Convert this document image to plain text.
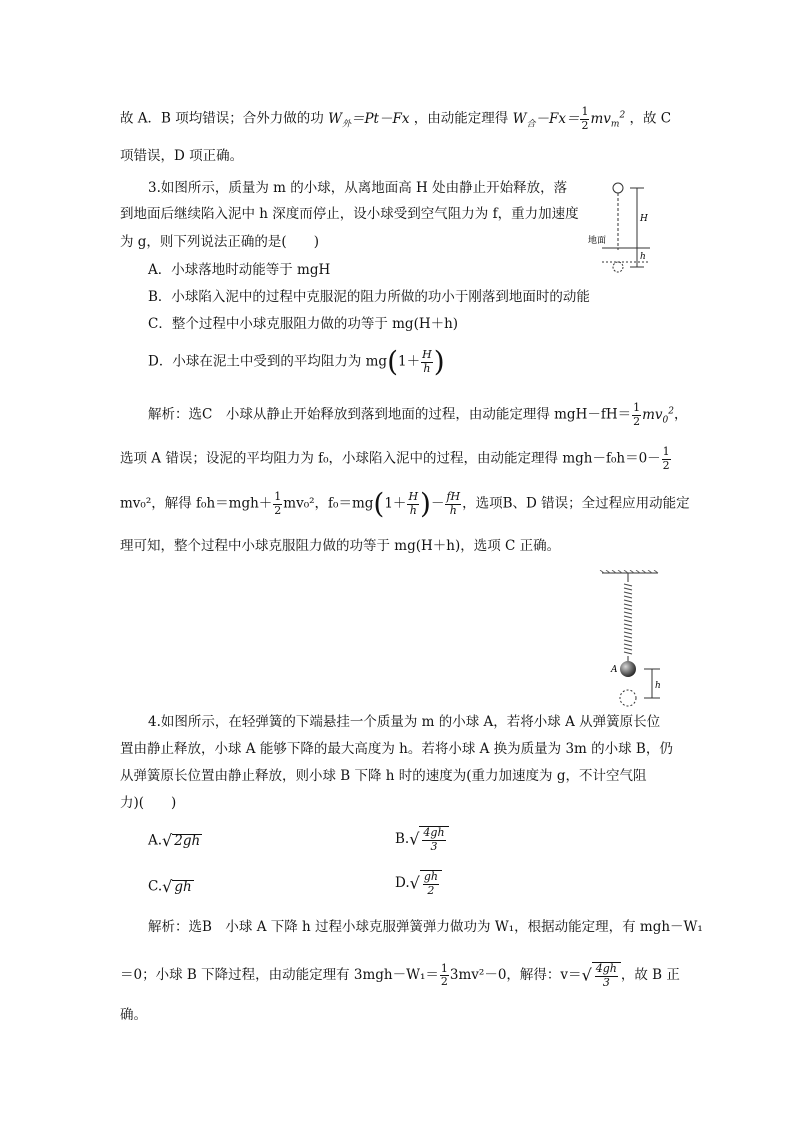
故 A．B 项均错误；合外力做的功 $W_外=Pt-Fx$ ，由动能定理得 $W_合-Fx= \frac{1}{2} mv_m^2$ ，故 C
项错误，D 项正确。
H
h
地面
3.如图所示，质量为 m 的小球，从离地面高 H 处由静止开始释放，落
到地面后继续陷入泥中 h 深度而停止，设小球受到空气阻力为 f，重力加速度
为 g，则下列说法正确的是(　　)
A．小球落地时动能等于 mgH
B．小球陷入泥中的过程中克服泥的阻力所做的功小于刚落到地面时的动能
C．整个过程中小球克服阻力做的功等于 mg(H＋h)
D．小球在泥土中受到的平均阻力为 $mg(1+ \frac{H}{h}$ )
解析：选C　小球从静止开始释放到落到地面的过程，由动能定理得 $mgH-fH= \frac{1}{2} mv_0^2$，
选项 A 错误；设泥的平均阻力为 f₀，小球陷入泥中的过程，由动能定理得 $mgh-f_0h=0- \frac{1}{2}$
mv₀²，解得 $f_0h=mgh+ \frac{1}{2} mv_0^2$，$f_0=mg(1+ \frac{H}{h}$ )－ $\frac{fH}{h}$ ，选项B、D 错误；全过程应用动能定
理可知，整个过程中小球克服阻力做的功等于 mg(H＋h)，选项 C 正确。
A
h
4.如图所示，在轻弹簧的下端悬挂一个质量为 m 的小球 A，若将小球 A 从弹簧原长位
置由静止释放，小球 A 能够下降的最大高度为 h。若将小球 A 换为质量为 3m 的小球 B，仍
从弹簧原长位置由静止释放，则小球 B 下降 h 时的速度为(重力加速度为 g，不计空气阻
力)(　　)
A.√ 2gh	$B.√ \frac{4gh}{3}$
C.√ gh	$D.√ \frac{gh}{2}$
解析：选B　小球 A 下降 h 过程小球克服弹簧弹力做功为 W₁，根据动能定理，有 mgh－W₁
＝0；小球 B 下降过程，由动能定理有 $3mgh-W_1= \frac{1}{2} 3mv^2-0$，解得：$v=√ \frac{4gh}{3}$ ，故 B 正
确。
